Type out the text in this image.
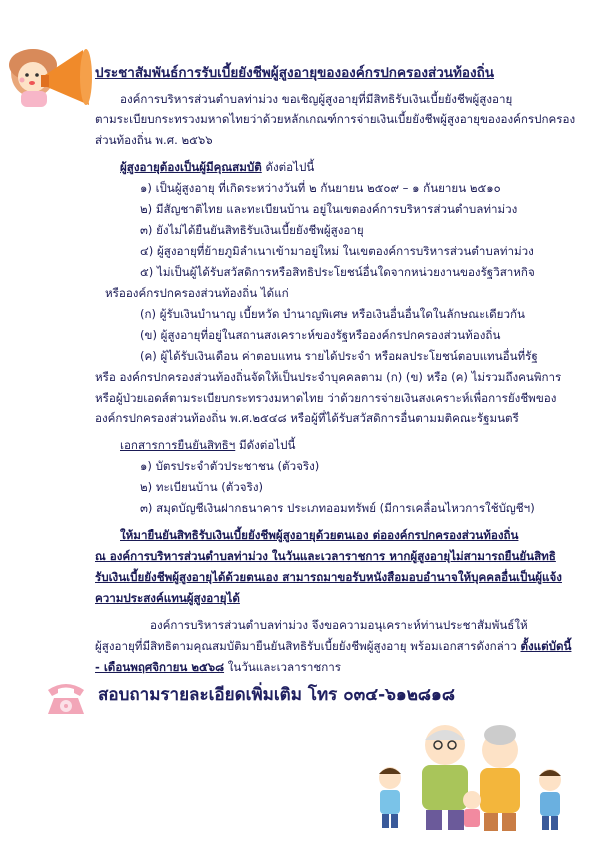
ประชาสัมพันธ์การรับเบี้ยยังชีพผู้สูงอายุขององค์กรปกครองส่วนท้องถิ่น
องค์การบริหารส่วนตำบลท่าม่วง ขอเชิญผู้สูงอายุที่มีสิทธิรับเงินเบี้ยยังชีพผู้สูงอายุ
ตามระเบียบกระทรวงมหาดไทยว่าด้วยหลักเกณฑ์การจ่ายเงินเบี้ยยังชีพผู้สูงอายุขององค์กรปกครอง
ส่วนท้องถิ่น พ.ศ. ๒๕๖๖
ผู้สูงอายุต้องเป็นผู้มีคุณสมบัติ ดังต่อไปนี้
๑) เป็นผู้สูงอายุ ที่เกิดระหว่างวันที่ ๒ กันยายน ๒๕๐๙ – ๑ กันยายน ๒๕๑๐
๒) มีสัญชาติไทย และทะเบียนบ้าน อยู่ในเขตองค์การบริหารส่วนตำบลท่าม่วง
๓) ยังไม่ได้ยืนยันสิทธิรับเงินเบี้ยยังชีพผู้สูงอายุ
๔) ผู้สูงอายุที่ย้ายภูมิลำเนาเข้ามาอยู่ใหม่ ในเขตองค์การบริหารส่วนตำบลท่าม่วง
๕) ไม่เป็นผู้ได้รับสวัสดิการหรือสิทธิประโยชน์อื่นใดจากหน่วยงานของรัฐวิสาหกิจ
หรือองค์กรปกครองส่วนท้องถิ่น ได้แก่
(ก) ผู้รับเงินบำนาญ เบี้ยหวัด บำนาญพิเศษ หรือเงินอื่นอื่นใดในลักษณะเดียวกัน
(ข) ผู้สูงอายุที่อยู่ในสถานสงเคราะห์ของรัฐหรือองค์กรปกครองส่วนท้องถิ่น
(ค) ผู้ได้รับเงินเดือน ค่าตอบแทน รายได้ประจำ หรือผลประโยชน์ตอบแทนอื่นที่รัฐ
หรือ องค์กรปกครองส่วนท้องถิ่นจัดให้เป็นประจำบุคคลตาม (ก) (ข) หรือ (ค) ไม่รวมถึงคนพิการ
หรือผู้ป่วยเอดส์ตามระเบียบกระทรวงมหาดไทย ว่าด้วยการจ่ายเงินสงเคราะห์เพื่อการยังชีพของ
องค์กรปกครองส่วนท้องถิ่น พ.ศ.๒๕๔๘ หรือผู้ที่ได้รับสวัสดิการอื่นตามมติคณะรัฐมนตรี
เอกสารการยืนยันสิทธิฯ มีดังต่อไปนี้
๑) บัตรประจำตัวประชาชน (ตัวจริง)
๒) ทะเบียนบ้าน (ตัวจริง)
๓) สมุดบัญชีเงินฝากธนาคาร ประเภทออมทรัพย์ (มีการเคลื่อนไหวการใช้บัญชีฯ)
ให้มายืนยันสิทธิรับเงินเบี้ยยังชีพผู้สูงอายุด้วยตนเอง ต่อองค์กรปกครองส่วนท้องถิ่น
ณ องค์การบริหารส่วนตำบลท่าม่วง ในวันและเวลาราชการ หากผู้สูงอายุไม่สามารถยืนยันสิทธิ
รับเงินเบี้ยยังชีพผู้สูงอายุได้ด้วยตนเอง สามารถมาขอรับหนังสือมอบอำนาจให้บุคคลอื่นเป็นผู้แจ้ง
ความประสงค์แทนผู้สูงอายุได้
องค์การบริหารส่วนตำบลท่าม่วง จึงขอความอนุเคราะห์ท่านประชาสัมพันธ์ให้
ผู้สูงอายุที่มีสิทธิตามคุณสมบัติมายืนยันสิทธิรับเบี้ยยังชีพผู้สูงอายุ พร้อมเอกสารดังกล่าว ตั้งแต่บัดนี้
- เดือนพฤศจิกายน ๒๕๖๘ ในวันและเวลาราชการ
สอบถามรายละเอียดเพิ่มเติม โทร ๐๓๔-๖๑๒๘๑๘
